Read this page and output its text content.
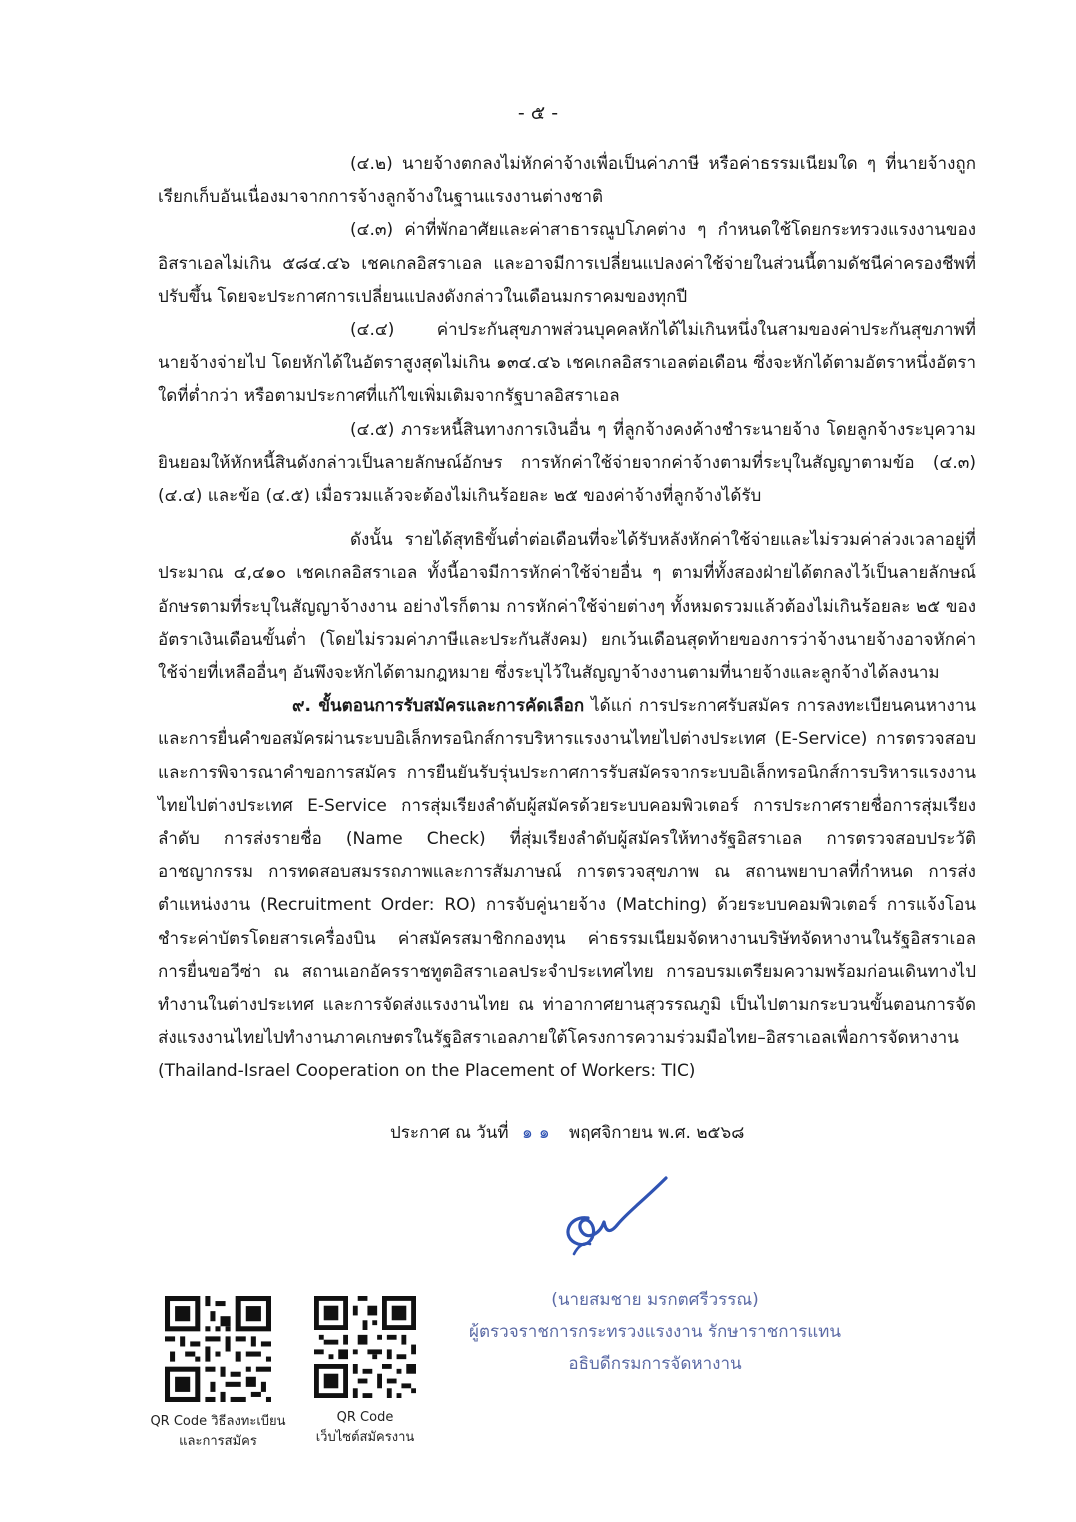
- ๕ -

(๔.๒) นายจ้างตกลงไม่หักค่าจ้างเพื่อเป็นค่าภาษี หรือค่าธรรมเนียมใด ๆ ที่นายจ้างถูกเรียกเก็บอันเนื่องมาจากการจ้างลูกจ้างในฐานแรงงานต่างชาติ

(๔.๓) ค่าที่พักอาศัยและค่าสาธารณูปโภคต่าง ๆ กำหนดใช้โดยกระทรวงแรงงานของอิสราเอลไม่เกิน ๕๘๔.๔๖ เชคเกลอิสราเอล และอาจมีการเปลี่ยนแปลงค่าใช้จ่ายในส่วนนี้ตามดัชนีค่าครองชีพที่ปรับขึ้น โดยจะประกาศการเปลี่ยนแปลงดังกล่าวในเดือนมกราคมของทุกปี

(๔.๔) ค่าประกันสุขภาพส่วนบุคคลหักได้ไม่เกินหนึ่งในสามของค่าประกันสุขภาพที่นายจ้างจ่ายไป โดยหักได้ในอัตราสูงสุดไม่เกิน ๑๓๔.๔๖ เชคเกลอิสราเอลต่อเดือน ซึ่งจะหักได้ตามอัตราหนึ่งอัตราใดที่ต่ำกว่า หรือตามประกาศที่แก้ไขเพิ่มเติมจากรัฐบาลอิสราเอล

(๔.๕) ภาระหนี้สินทางการเงินอื่น ๆ ที่ลูกจ้างคงค้างชำระนายจ้าง โดยลูกจ้างระบุความยินยอมให้หักหนี้สินดังกล่าวเป็นลายลักษณ์อักษร การหักค่าใช้จ่ายจากค่าจ้างตามที่ระบุในสัญญาตามข้อ (๔.๓) (๔.๔) และข้อ (๔.๕) เมื่อรวมแล้วจะต้องไม่เกินร้อยละ ๒๕ ของค่าจ้างที่ลูกจ้างได้รับ

ดังนั้น รายได้สุทธิขั้นต่ำต่อเดือนที่จะได้รับหลังหักค่าใช้จ่ายและไม่รวมค่าล่วงเวลาอยู่ที่ประมาณ ๔,๔๑๐ เชคเกลอิสราเอล ทั้งนี้อาจมีการหักค่าใช้จ่ายอื่น ๆ ตามที่ทั้งสองฝ่ายได้ตกลงไว้เป็นลายลักษณ์อักษรตามที่ระบุในสัญญาจ้างงาน อย่างไรก็ตาม การหักค่าใช้จ่ายต่างๆ ทั้งหมดรวมแล้วต้องไม่เกินร้อยละ ๒๕ ของอัตราเงินเดือนขั้นต่ำ (โดยไม่รวมค่าภาษีและประกันสังคม) ยกเว้นเดือนสุดท้ายของการว่าจ้างนายจ้างอาจหักค่าใช้จ่ายที่เหลืออื่นๆ อันพึงจะหักได้ตามกฎหมาย ซึ่งระบุไว้ในสัญญาจ้างงานตามที่นายจ้างและลูกจ้างได้ลงนาม

๙. ขั้นตอนการรับสมัครและการคัดเลือก ได้แก่ การประกาศรับสมัคร การลงทะเบียนคนหางานและการยื่นคำขอสมัครผ่านระบบอิเล็กทรอนิกส์การบริหารแรงงานไทยไปต่างประเทศ (E-Service) การตรวจสอบและการพิจารณาคำขอการสมัคร การยืนยันรับรุ่นประกาศการรับสมัครจากระบบอิเล็กทรอนิกส์การบริหารแรงงานไทยไปต่างประเทศ E-Service การสุ่มเรียงลำดับผู้สมัครด้วยระบบคอมพิวเตอร์ การประกาศรายชื่อการสุ่มเรียงลำดับ การส่งรายชื่อ (Name Check) ที่สุ่มเรียงลำดับผู้สมัครให้ทางรัฐอิสราเอล การตรวจสอบประวัติอาชญากรรม การทดสอบสมรรถภาพและการสัมภาษณ์ การตรวจสุขภาพ ณ สถานพยาบาลที่กำหนด การส่งตำแหน่งงาน (Recruitment Order: RO) การจับคู่นายจ้าง (Matching) ด้วยระบบคอมพิวเตอร์ การแจ้งโอนชำระค่าบัตรโดยสารเครื่องบิน ค่าสมัครสมาชิกกองทุน ค่าธรรมเนียมจัดหางานบริษัทจัดหางานในรัฐอิสราเอล การยื่นขอวีซ่า ณ สถานเอกอัครราชทูตอิสราเอลประจำประเทศไทย การอบรมเตรียมความพร้อมก่อนเดินทางไปทำงานในต่างประเทศ และการจัดส่งแรงงานไทย ณ ท่าอากาศยานสุวรรณภูมิ เป็นไปตามกระบวนขั้นตอนการจัดส่งแรงงานไทยไปทำงานภาคเกษตรในรัฐอิสราเอลภายใต้โครงการความร่วมมือไทย–อิสราเอลเพื่อการจัดหางาน (Thailand-Israel Cooperation on the Placement of Workers: TIC)

ประกาศ ณ วันที่ ๑๑ พฤศจิกายน พ.ศ. ๒๕๖๘
(นายสมชาย มรกตศรีวรรณ)
ผู้ตรวจราชการกระทรวงแรงงาน รักษาราชการแทน
อธิบดีกรมการจัดหางาน
QR Code วิธีลงทะเบียน
และการสมัคร
QR Code
เว็บไซต์สมัครงาน
